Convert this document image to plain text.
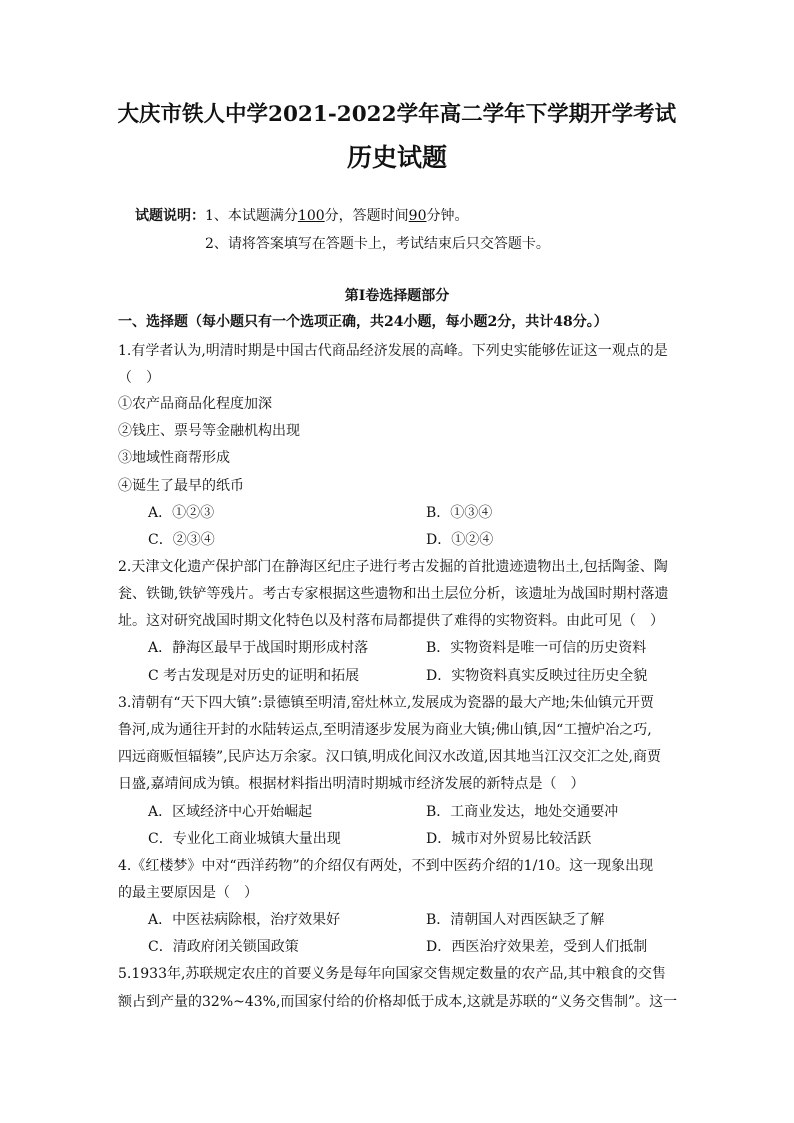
大庆市铁人中学2021-2022学年高二学年下学期开学考试
历史试题
试题说明：1、本试题满分100分，答题时间90分钟。
2、请将答案填写在答题卡上，考试结束后只交答题卡。
第Ⅰ卷选择题部分
一、选择题（每小题只有一个选项正确，共24小题，每小题2分，共计48分。）
1.有学者认为,明清时期是中国古代商品经济发展的高峰。下列史实能够佐证这一观点的是
（　）
①农产品商品化程度加深
②钱庄、票号等金融机构出现
③地域性商帮形成
④诞生了最早的纸币
A．①②③	B．①③④
C．②③④	D．①②④
2.天津文化遗产保护部门在静海区纪庄子进行考古发掘的首批遗迹遗物出土,包括陶釜、陶
瓮、铁锄,铁铲等残片。考古专家根据这些遗物和出土层位分析，该遗址为战国时期村落遗
址。这对研究战国时期文化特色以及村落布局都提供了难得的实物资料。由此可见（　）
A．静海区最早于战国时期形成村落	B．实物资料是唯一可信的历史资料
C 考古发现是对历史的证明和拓展	D．实物资料真实反映过往历史全貌
3.清朝有“天下四大镇”:景德镇至明清,窑灶林立,发展成为瓷器的最大产地;朱仙镇元开贾
鲁河,成为通往开封的水陆转运点,至明清逐步发展为商业大镇;佛山镇,因“工擅炉冶之巧,
四远商贩恒辐辏”,民庐达万余家。汉口镇,明成化间汉水改道,因其地当江汉交汇之处,商贾
日盛,嘉靖间成为镇。根据材料指出明清时期城市经济发展的新特点是（　）
A．区域经济中心开始崛起	B．工商业发达，地处交通要冲
C．专业化工商业城镇大量出现	D．城市对外贸易比较活跃
4.《红楼梦》中对“西洋药物”的介绍仅有两处，不到中医药介绍的1/10。这一现象出现
的最主要原因是（　）
A．中医祛病除根，治疗效果好	B．清朝国人对西医缺乏了解
C．清政府闭关锁国政策	D．西医治疗效果差，受到人们抵制
5.1933年,苏联规定农庄的首要义务是每年向国家交售规定数量的农产品,其中粮食的交售
额占到产量的32%~43%,而国家付给的价格却低于成本,这就是苏联的“义务交售制”。这一
